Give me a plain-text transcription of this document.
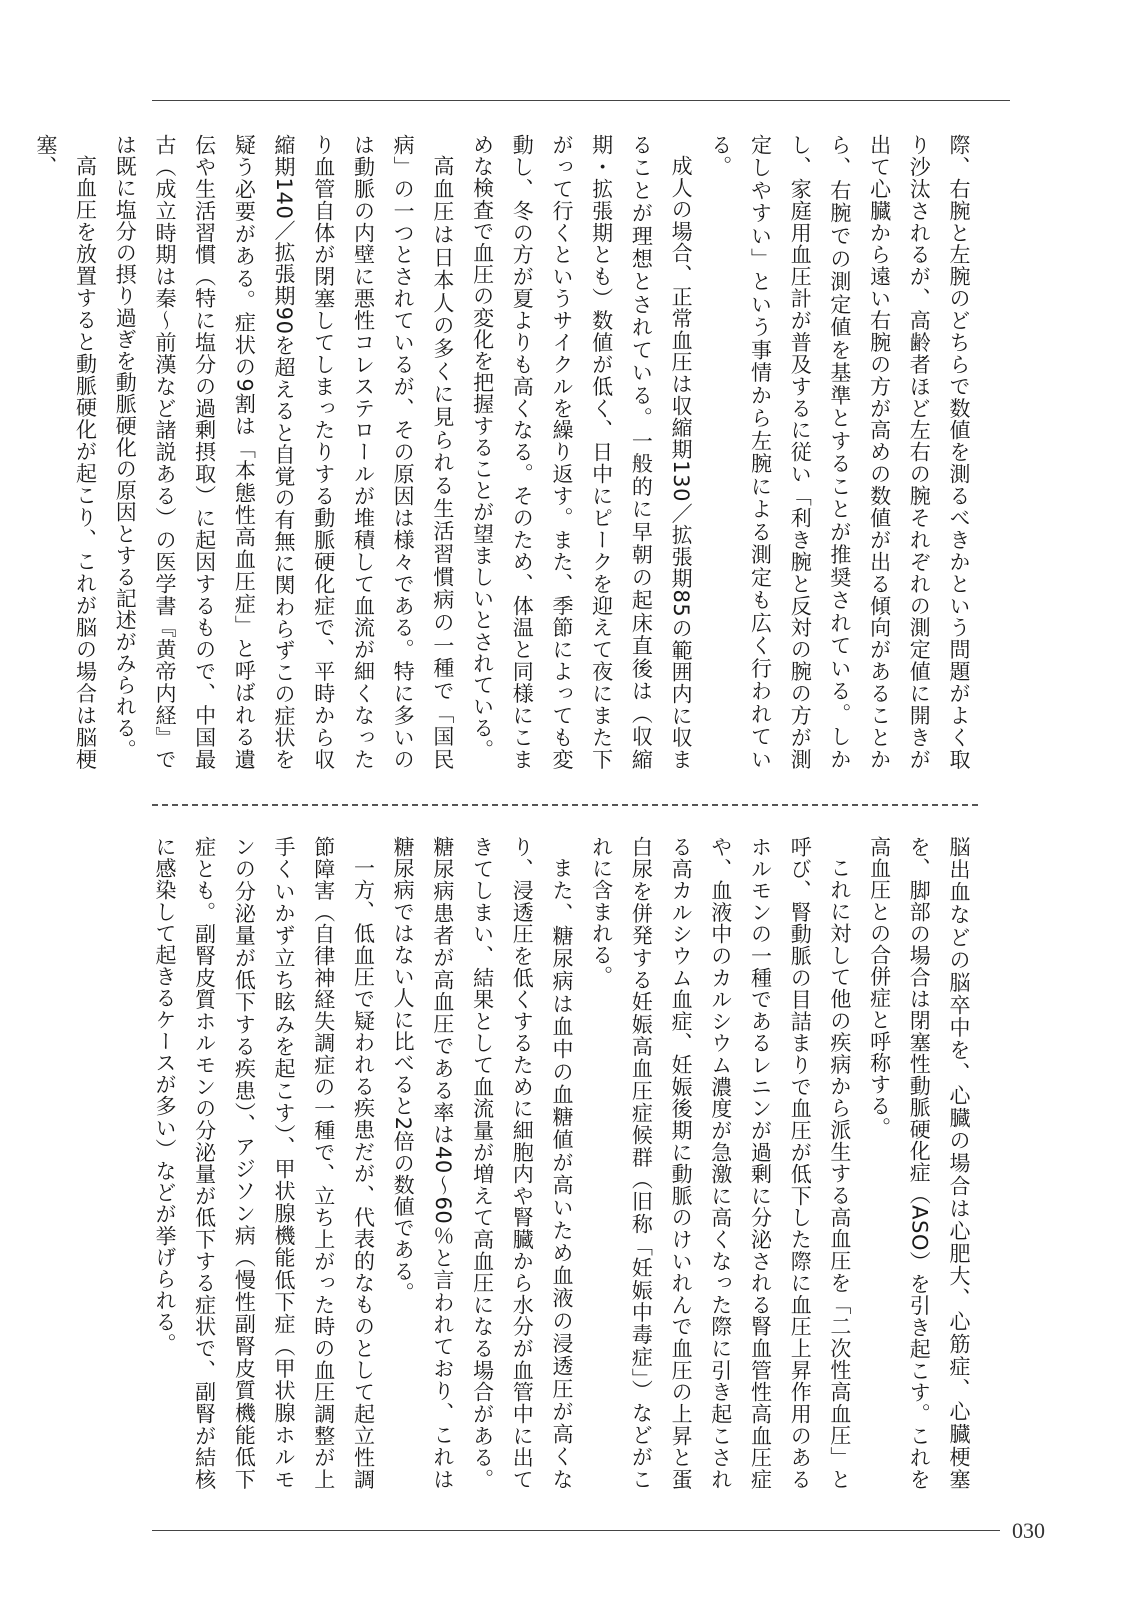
際、右腕と左腕のどちらで数値を測るべきかという問題がよく取り沙汰されるが、高齢者ほど左右の腕それぞれの測定値に開きが出て心臓から遠い右腕の方が高めの数値が出る傾向があることから、右腕での測定値を基準とすることが推奨されている。しかし、家庭用血圧計が普及するに従い「利き腕と反対の腕の方が測定しやすい」という事情から左腕による測定も広く行われている。

成人の場合、正常血圧は収縮期130／拡張期85の範囲内に収まることが理想とされている。一般的に早朝の起床直後は（収縮期・拡張期とも）数値が低く、日中にピークを迎えて夜にまた下がって行くというサイクルを繰り返す。また、季節によっても変動し、冬の方が夏よりも高くなる。そのため、体温と同様にこまめな検査で血圧の変化を把握することが望ましいとされている。

高血圧は日本人の多くに見られる生活習慣病の一種で「国民病」の一つとされているが、その原因は様々である。特に多いのは動脈の内壁に悪性コレステロールが堆積して血流が細くなったり血管自体が閉塞してしまったりする動脈硬化症で、平時から収縮期140／拡張期90を超えると自覚の有無に関わらずこの症状を疑う必要がある。症状の9割は「本態性高血圧症」と呼ばれる遺伝や生活習慣（特に塩分の過剰摂取）に起因するもので、中国最古（成立時期は秦～前漢など諸説ある）の医学書『黄帝内経』では既に塩分の摂り過ぎを動脈硬化の原因とする記述がみられる。

高血圧を放置すると動脈硬化が起こり、これが脳の場合は脳梗塞、

脳出血などの脳卒中を、心臓の場合は心肥大、心筋症、心臓梗塞を、脚部の場合は閉塞性動脈硬化症（ASO）を引き起こす。これを高血圧との合併症と呼称する。

これに対して他の疾病から派生する高血圧を「二次性高血圧」と呼び、腎動脈の目詰まりで血圧が低下した際に血圧上昇作用のあるホルモンの一種であるレニンが過剰に分泌される腎血管性高血圧症や、血液中のカルシウム濃度が急激に高くなった際に引き起こされる高カルシウム血症、妊娠後期に動脈のけいれんで血圧の上昇と蛋白尿を併発する妊娠高血圧症候群（旧称「妊娠中毒症」）などがこれに含まれる。

また、糖尿病は血中の血糖値が高いため血液の浸透圧が高くなり、浸透圧を低くするために細胞内や腎臓から水分が血管中に出てきてしまい、結果として血流量が増えて高血圧になる場合がある。糖尿病患者が高血圧である率は40～60％と言われており、これは糖尿病ではない人に比べると2倍の数値である。

一方、低血圧で疑われる疾患だが、代表的なものとして起立性調節障害（自律神経失調症の一種で、立ち上がった時の血圧調整が上手くいかず立ち眩みを起こす）、甲状腺機能低下症（甲状腺ホルモンの分泌量が低下する疾患）、アジソン病（慢性副腎皮質機能低下症とも。副腎皮質ホルモンの分泌量が低下する症状で、副腎が結核に感染して起きるケースが多い）などが挙げられる。

030
